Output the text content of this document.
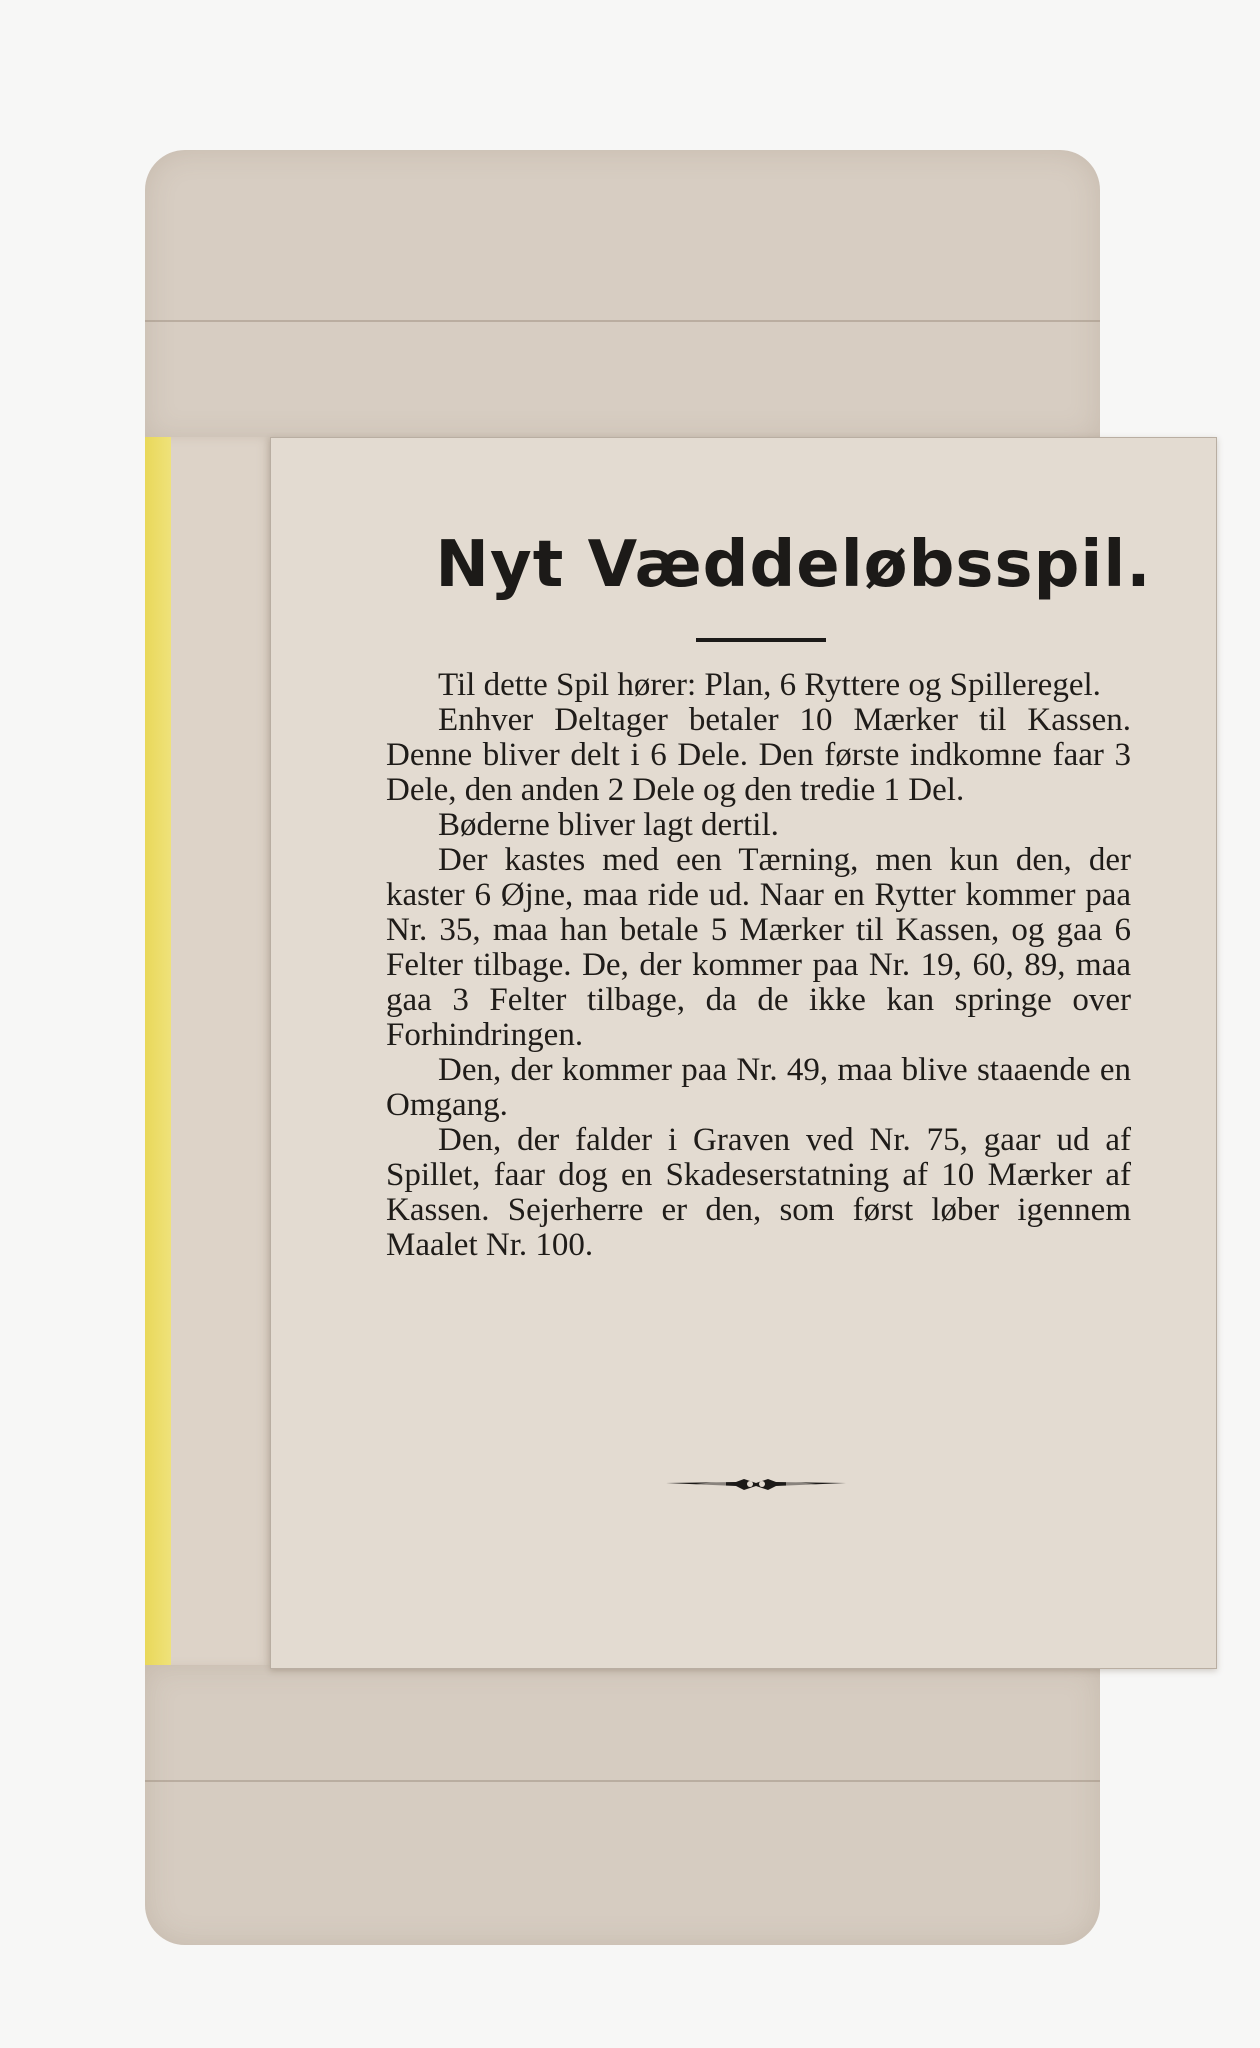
Nyt Væddeløbsspil.

Til dette Spil hører: Plan, 6 Ryttere og Spilleregel.

Enhver Deltager betaler 10 Mærker til Kassen. Denne bliver delt i 6 Dele. Den første indkomne faar 3 Dele, den anden 2 Dele og den tredie 1 Del.

Bøderne bliver lagt dertil.

Der kastes med een Tærning, men kun den, der kaster 6 Øjne, maa ride ud. Naar en Rytter kommer paa Nr. 35, maa han betale 5 Mærker til Kassen, og gaa 6 Felter tilbage. De, der kommer paa Nr. 19, 60, 89, maa gaa 3 Felter tilbage, da de ikke kan springe over Forhindringen.

Den, der kommer paa Nr. 49, maa blive staaende en Omgang.

Den, der falder i Graven ved Nr. 75, gaar ud af Spillet, faar dog en Skadeserstatning af 10 Mærker af Kassen. Sejerherre er den, som først løber igennem Maalet Nr. 100.
